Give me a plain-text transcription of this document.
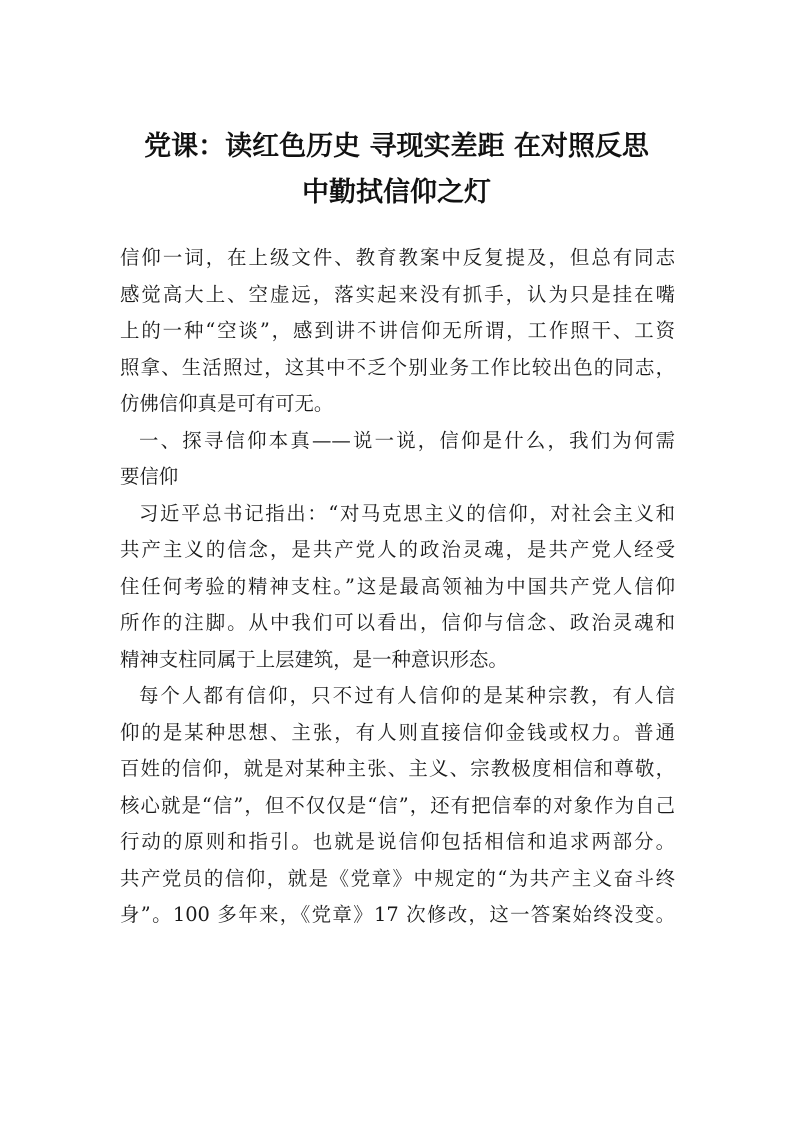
党课：读红色历史 寻现实差距 在对照反思
中勤拭信仰之灯

信仰一词，在上级文件、教育教案中反复提及，但总有同志
感觉高大上、空虚远，落实起来没有抓手，认为只是挂在嘴
上的一种“空谈”，感到讲不讲信仰无所谓，工作照干、工资
照拿、生活照过，这其中不乏个别业务工作比较出色的同志，
仿佛信仰真是可有可无。

一、探寻信仰本真——说一说，信仰是什么，我们为何需
要信仰

习近平总书记指出：“对马克思主义的信仰，对社会主义和
共产主义的信念，是共产党人的政治灵魂，是共产党人经受
住任何考验的精神支柱。”这是最高领袖为中国共产党人信仰
所作的注脚。从中我们可以看出，信仰与信念、政治灵魂和
精神支柱同属于上层建筑，是一种意识形态。

每个人都有信仰，只不过有人信仰的是某种宗教，有人信
仰的是某种思想、主张，有人则直接信仰金钱或权力。普通
百姓的信仰，就是对某种主张、主义、宗教极度相信和尊敬，
核心就是“信”，但不仅仅是“信”，还有把信奉的对象作为自己
行动的原则和指引。也就是说信仰包括相信和追求两部分。
共产党员的信仰，就是《党章》中规定的“为共产主义奋斗终
身”。100 多年来，《党章》17 次修改，这一答案始终没变。
